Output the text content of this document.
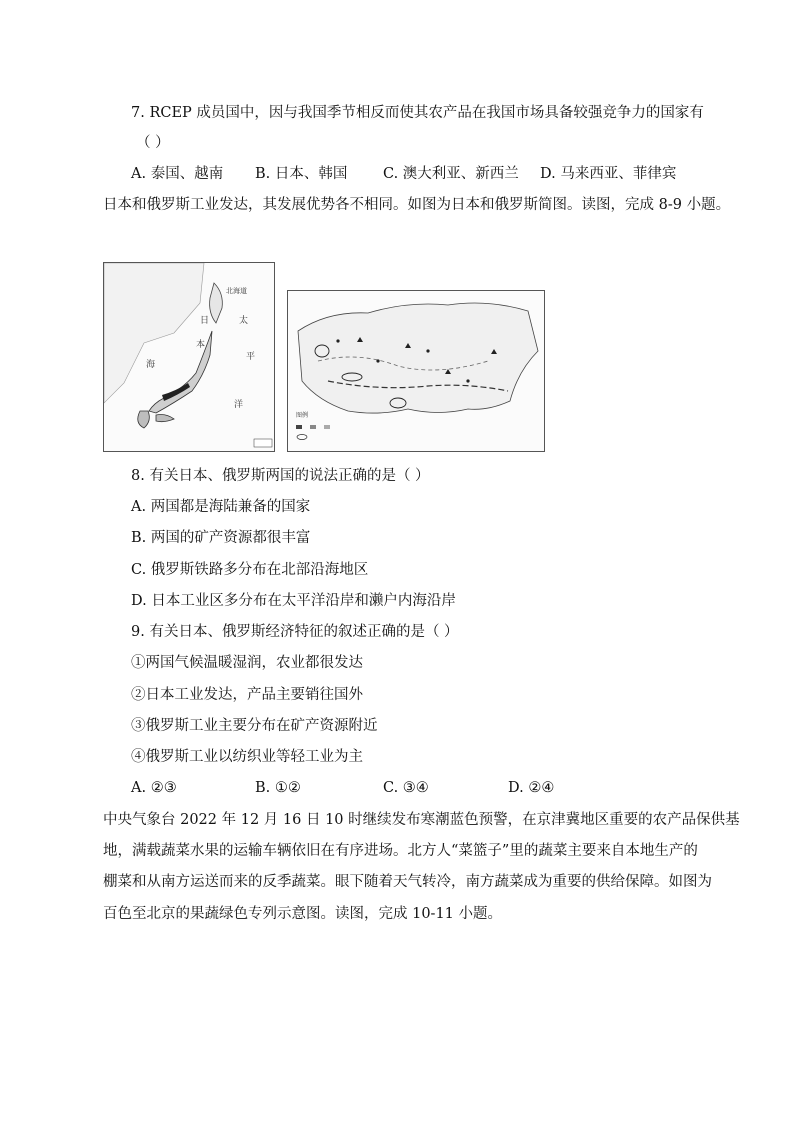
7. RCEP 成员国中，因与我国季节相反而使其农产品在我国市场具备较强竞争力的国家有
（ ）
A. 泰国、越南 B. 日本、韩国 C. 澳大利亚、新西兰 D. 马来西亚、菲律宾
日本和俄罗斯工业发达，其发展优势各不相同。如图为日本和俄罗斯简图。读图，完成 8-9 小题。
北海道
日	太
本
平
海
洋
图例
8. 有关日本、俄罗斯两国的说法正确的是（ ）
A. 两国都是海陆兼备的国家
B. 两国的矿产资源都很丰富
C. 俄罗斯铁路多分布在北部沿海地区
D. 日本工业区多分布在太平洋沿岸和濑户内海沿岸
9. 有关日本、俄罗斯经济特征的叙述正确的是（ ）
①两国气候温暖湿润，农业都很发达
②日本工业发达，产品主要销往国外
③俄罗斯工业主要分布在矿产资源附近
④俄罗斯工业以纺织业等轻工业为主
A. ②③	B. ①②	C. ③④	D. ②④
中央气象台 2022 年 12 月 16 日 10 时继续发布寒潮蓝色预警，在京津冀地区重要的农产品保供基
地，满载蔬菜水果的运输车辆依旧在有序进场。北方人“菜篮子”里的蔬菜主要来自本地生产的
棚菜和从南方运送而来的反季蔬菜。眼下随着天气转冷，南方蔬菜成为重要的供给保障。如图为
百色至北京的果蔬绿色专列示意图。读图，完成 10-11 小题。
